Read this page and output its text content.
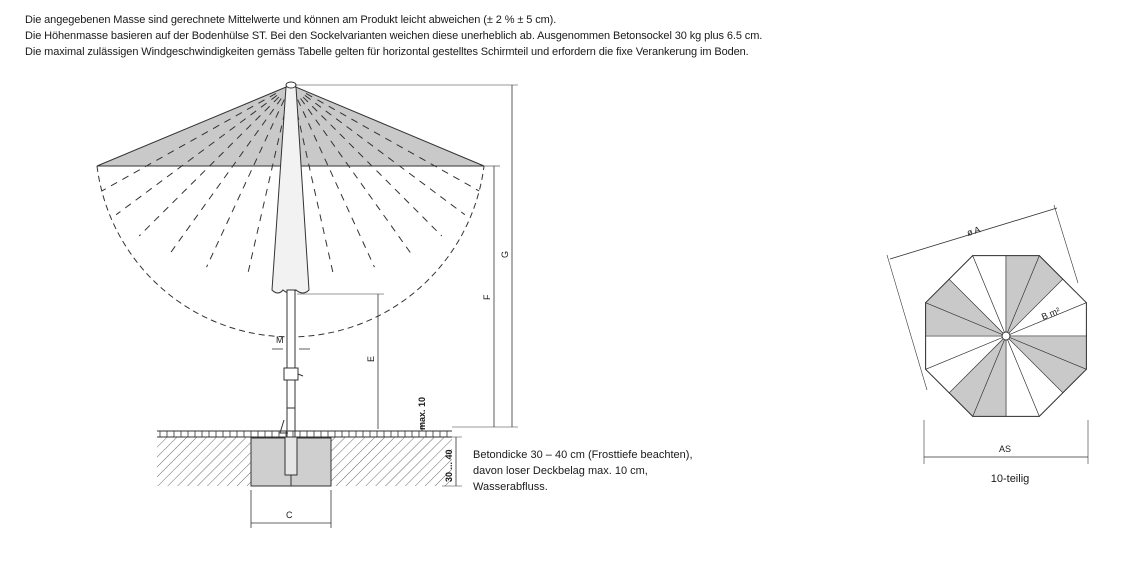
Die angegebenen Masse sind gerechnete Mittelwerte und können am Produkt leicht abweichen (± 2 % ± 5 cm).
Die Höhenmasse basieren auf der Bodenhülse ST. Bei den Sockelvarianten weichen diese unerheblich ab. Ausgenommen Betonsockel 30 kg plus 6.5 cm.
Die maximal zulässigen Windgeschwindigkeiten gemäss Tabelle gelten für horizontal gestelltes Schirmteil und erfordern die fixe Verankerung im Boden.
M
C
E
max. 10
F
G
30 ... 40
ø A
B m²
AS
Betondicke 30 – 40 cm (Frosttiefe beachten),
davon loser Deckbelag max. 10 cm,
Wasserabfluss.
10-teilig
